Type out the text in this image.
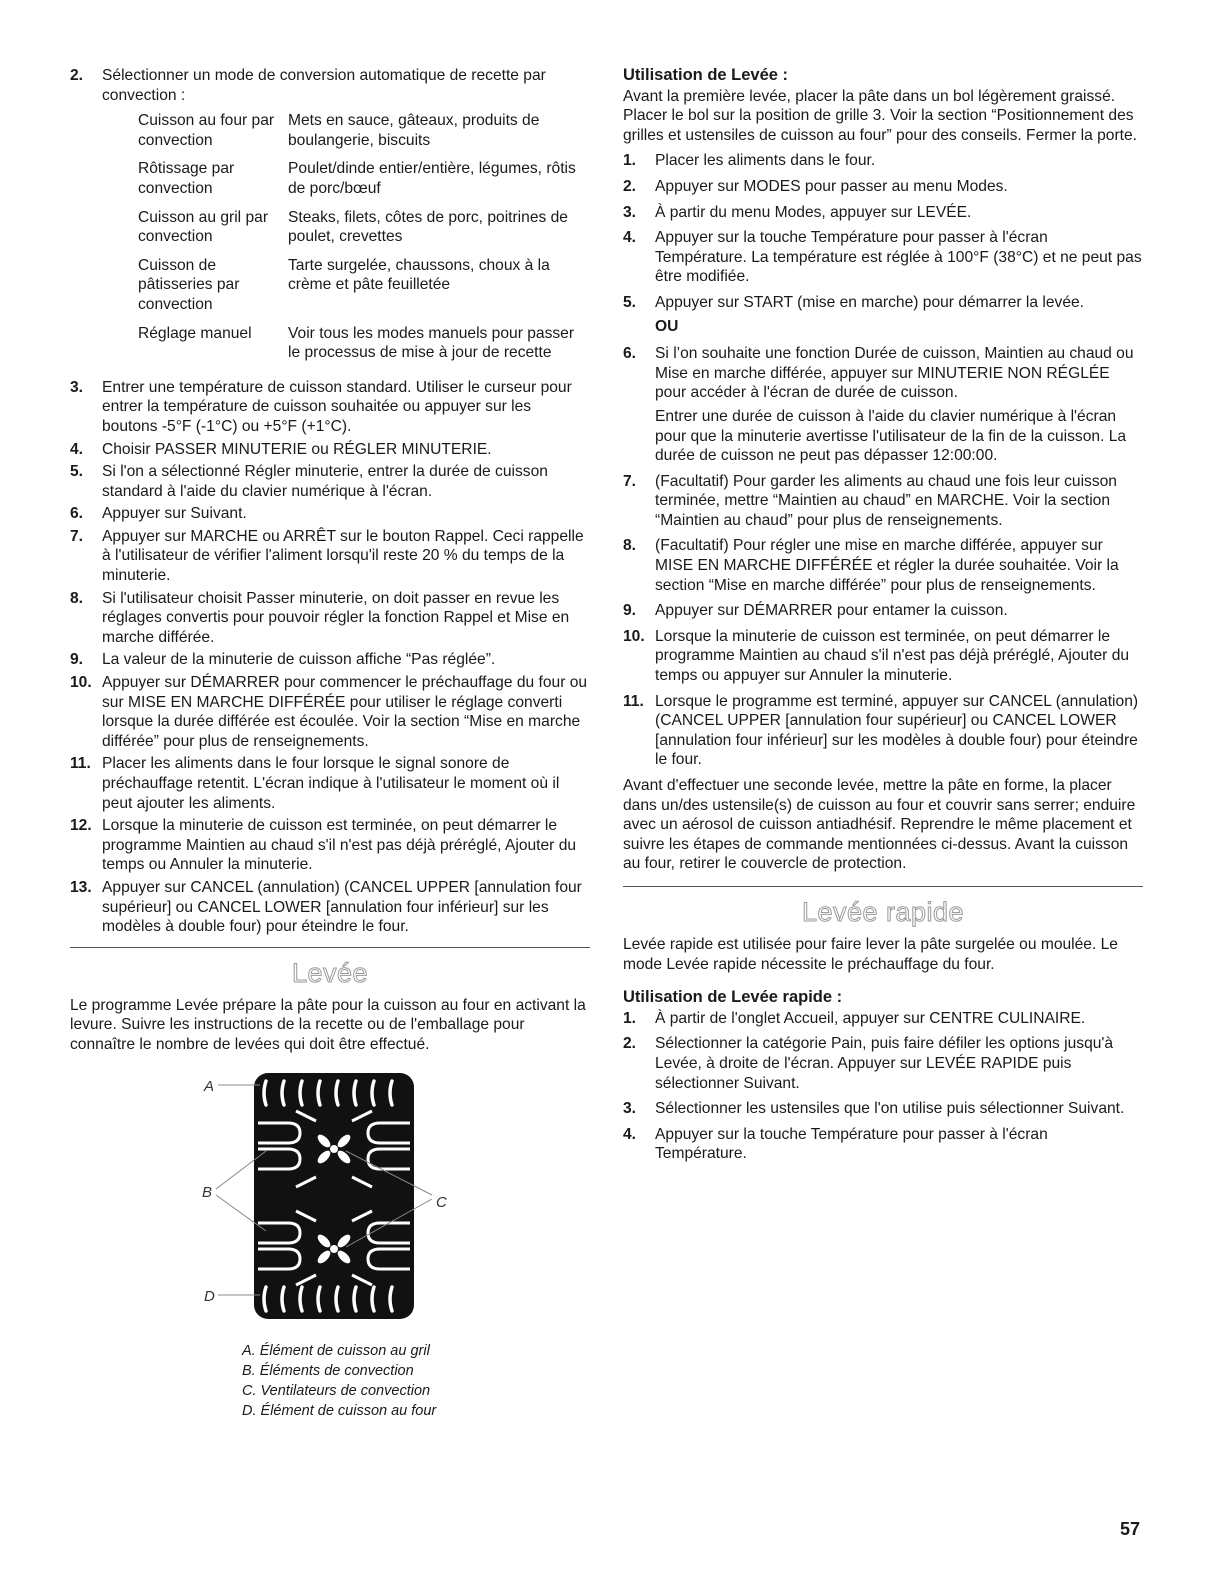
2. Sélectionner un mode de conversion automatique de recette par convection :
Cuisson au four par convection	Mets en sauce, gâteaux, produits de boulangerie, biscuits
Rôtissage par convection	Poulet/dinde entier/entière, légumes, rôtis de porc/bœuf
Cuisson au gril par convection	Steaks, filets, côtes de porc, poitrines de poulet, crevettes
Cuisson de pâtisseries par convection	Tarte surgelée, chaussons, choux à la crème et pâte feuilletée
Réglage manuel	Voir tous les modes manuels pour passer le processus de mise à jour de recette
3. Entrer une température de cuisson standard. Utiliser le curseur pour entrer la température de cuisson souhaitée ou appuyer sur les boutons -5°F (-1°C) ou +5°F (+1°C).
4. Choisir PASSER MINUTERIE ou RÉGLER MINUTERIE.
5. Si l'on a sélectionné Régler minuterie, entrer la durée de cuisson standard à l'aide du clavier numérique à l'écran.
6. Appuyer sur Suivant.
7. Appuyer sur MARCHE ou ARRÊT sur le bouton Rappel. Ceci rappelle à l'utilisateur de vérifier l'aliment lorsqu'il reste 20 % du temps de la minuterie.
8. Si l'utilisateur choisit Passer minuterie, on doit passer en revue les réglages convertis pour pouvoir régler la fonction Rappel et Mise en marche différée.
9. La valeur de la minuterie de cuisson affiche “Pas réglée”.
10. Appuyer sur DÉMARRER pour commencer le préchauffage du four ou sur MISE EN MARCHE DIFFÉRÉE pour utiliser le réglage converti lorsque la durée différée est écoulée. Voir la section “Mise en marche différée” pour plus de renseignements.
11. Placer les aliments dans le four lorsque le signal sonore de préchauffage retentit. L'écran indique à l'utilisateur le moment où il peut ajouter les aliments.
12. Lorsque la minuterie de cuisson est terminée, on peut démarrer le programme Maintien au chaud s'il n'est pas déjà préréglé, Ajouter du temps ou Annuler la minuterie.
13. Appuyer sur CANCEL (annulation) (CANCEL UPPER [annulation four supérieur] ou CANCEL LOWER [annulation four inférieur] sur les modèles à double four) pour éteindre le four.
Levée

Le programme Levée prépare la pâte pour la cuisson au four en activant la levure. Suivre les instructions de la recette ou de l'emballage pour connaître le nombre de levées qui doit être effectué.

A
B
C
D
A. Élément de cuisson au gril
B. Éléments de convection
C. Ventilateurs de convection
D. Élément de cuisson au four
Utilisation de Levée :

Avant la première levée, placer la pâte dans un bol légèrement graissé. Placer le bol sur la position de grille 3. Voir la section “Positionnement des grilles et ustensiles de cuisson au four” pour des conseils. Fermer la porte.

1. Placer les aliments dans le four.
2. Appuyer sur MODES pour passer au menu Modes.
3. À partir du menu Modes, appuyer sur LEVÉE.
4. Appuyer sur la touche Température pour passer à l'écran Température. La température est réglée à 100°F (38°C) et ne peut pas être modifiée.
5. Appuyer sur START (mise en marche) pour démarrer la levée.
OU
6. Si l’on souhaite une fonction Durée de cuisson, Maintien au chaud ou Mise en marche différée, appuyer sur MINUTERIE NON RÉGLÉE pour accéder à l'écran de durée de cuisson.
Entrer une durée de cuisson à l'aide du clavier numérique à l'écran pour que la minuterie avertisse l'utilisateur de la fin de la cuisson. La durée de cuisson ne peut pas dépasser 12:00:00.
7. (Facultatif) Pour garder les aliments au chaud une fois leur cuisson terminée, mettre “Maintien au chaud” en MARCHE. Voir la section “Maintien au chaud” pour plus de renseignements.
8. (Facultatif) Pour régler une mise en marche différée, appuyer sur MISE EN MARCHE DIFFÉRÉE et régler la durée souhaitée. Voir la section “Mise en marche différée” pour plus de renseignements.
9. Appuyer sur DÉMARRER pour entamer la cuisson.
10. Lorsque la minuterie de cuisson est terminée, on peut démarrer le programme Maintien au chaud s'il n'est pas déjà préréglé, Ajouter du temps ou appuyer sur Annuler la minuterie.
11. Lorsque le programme est terminé, appuyer sur CANCEL (annulation) (CANCEL UPPER [annulation four supérieur] ou CANCEL LOWER [annulation four inférieur] sur les modèles à double four) pour éteindre le four.

Avant d'effectuer une seconde levée, mettre la pâte en forme, la placer dans un/des ustensile(s) de cuisson au four et couvrir sans serrer; enduire avec un aérosol de cuisson antiadhésif. Reprendre le même placement et suivre les étapes de commande mentionnées ci-dessus. Avant la cuisson au four, retirer le couvercle de protection.

Levée rapide

Levée rapide est utilisée pour faire lever la pâte surgelée ou moulée. Le mode Levée rapide nécessite le préchauffage du four.

Utilisation de Levée rapide :
1. À partir de l'onglet Accueil, appuyer sur CENTRE CULINAIRE.
2. Sélectionner la catégorie Pain, puis faire défiler les options jusqu'à Levée, à droite de l'écran. Appuyer sur LEVÉE RAPIDE puis sélectionner Suivant.
3. Sélectionner les ustensiles que l'on utilise puis sélectionner Suivant.
4. Appuyer sur la touche Température pour passer à l'écran Température.
57
